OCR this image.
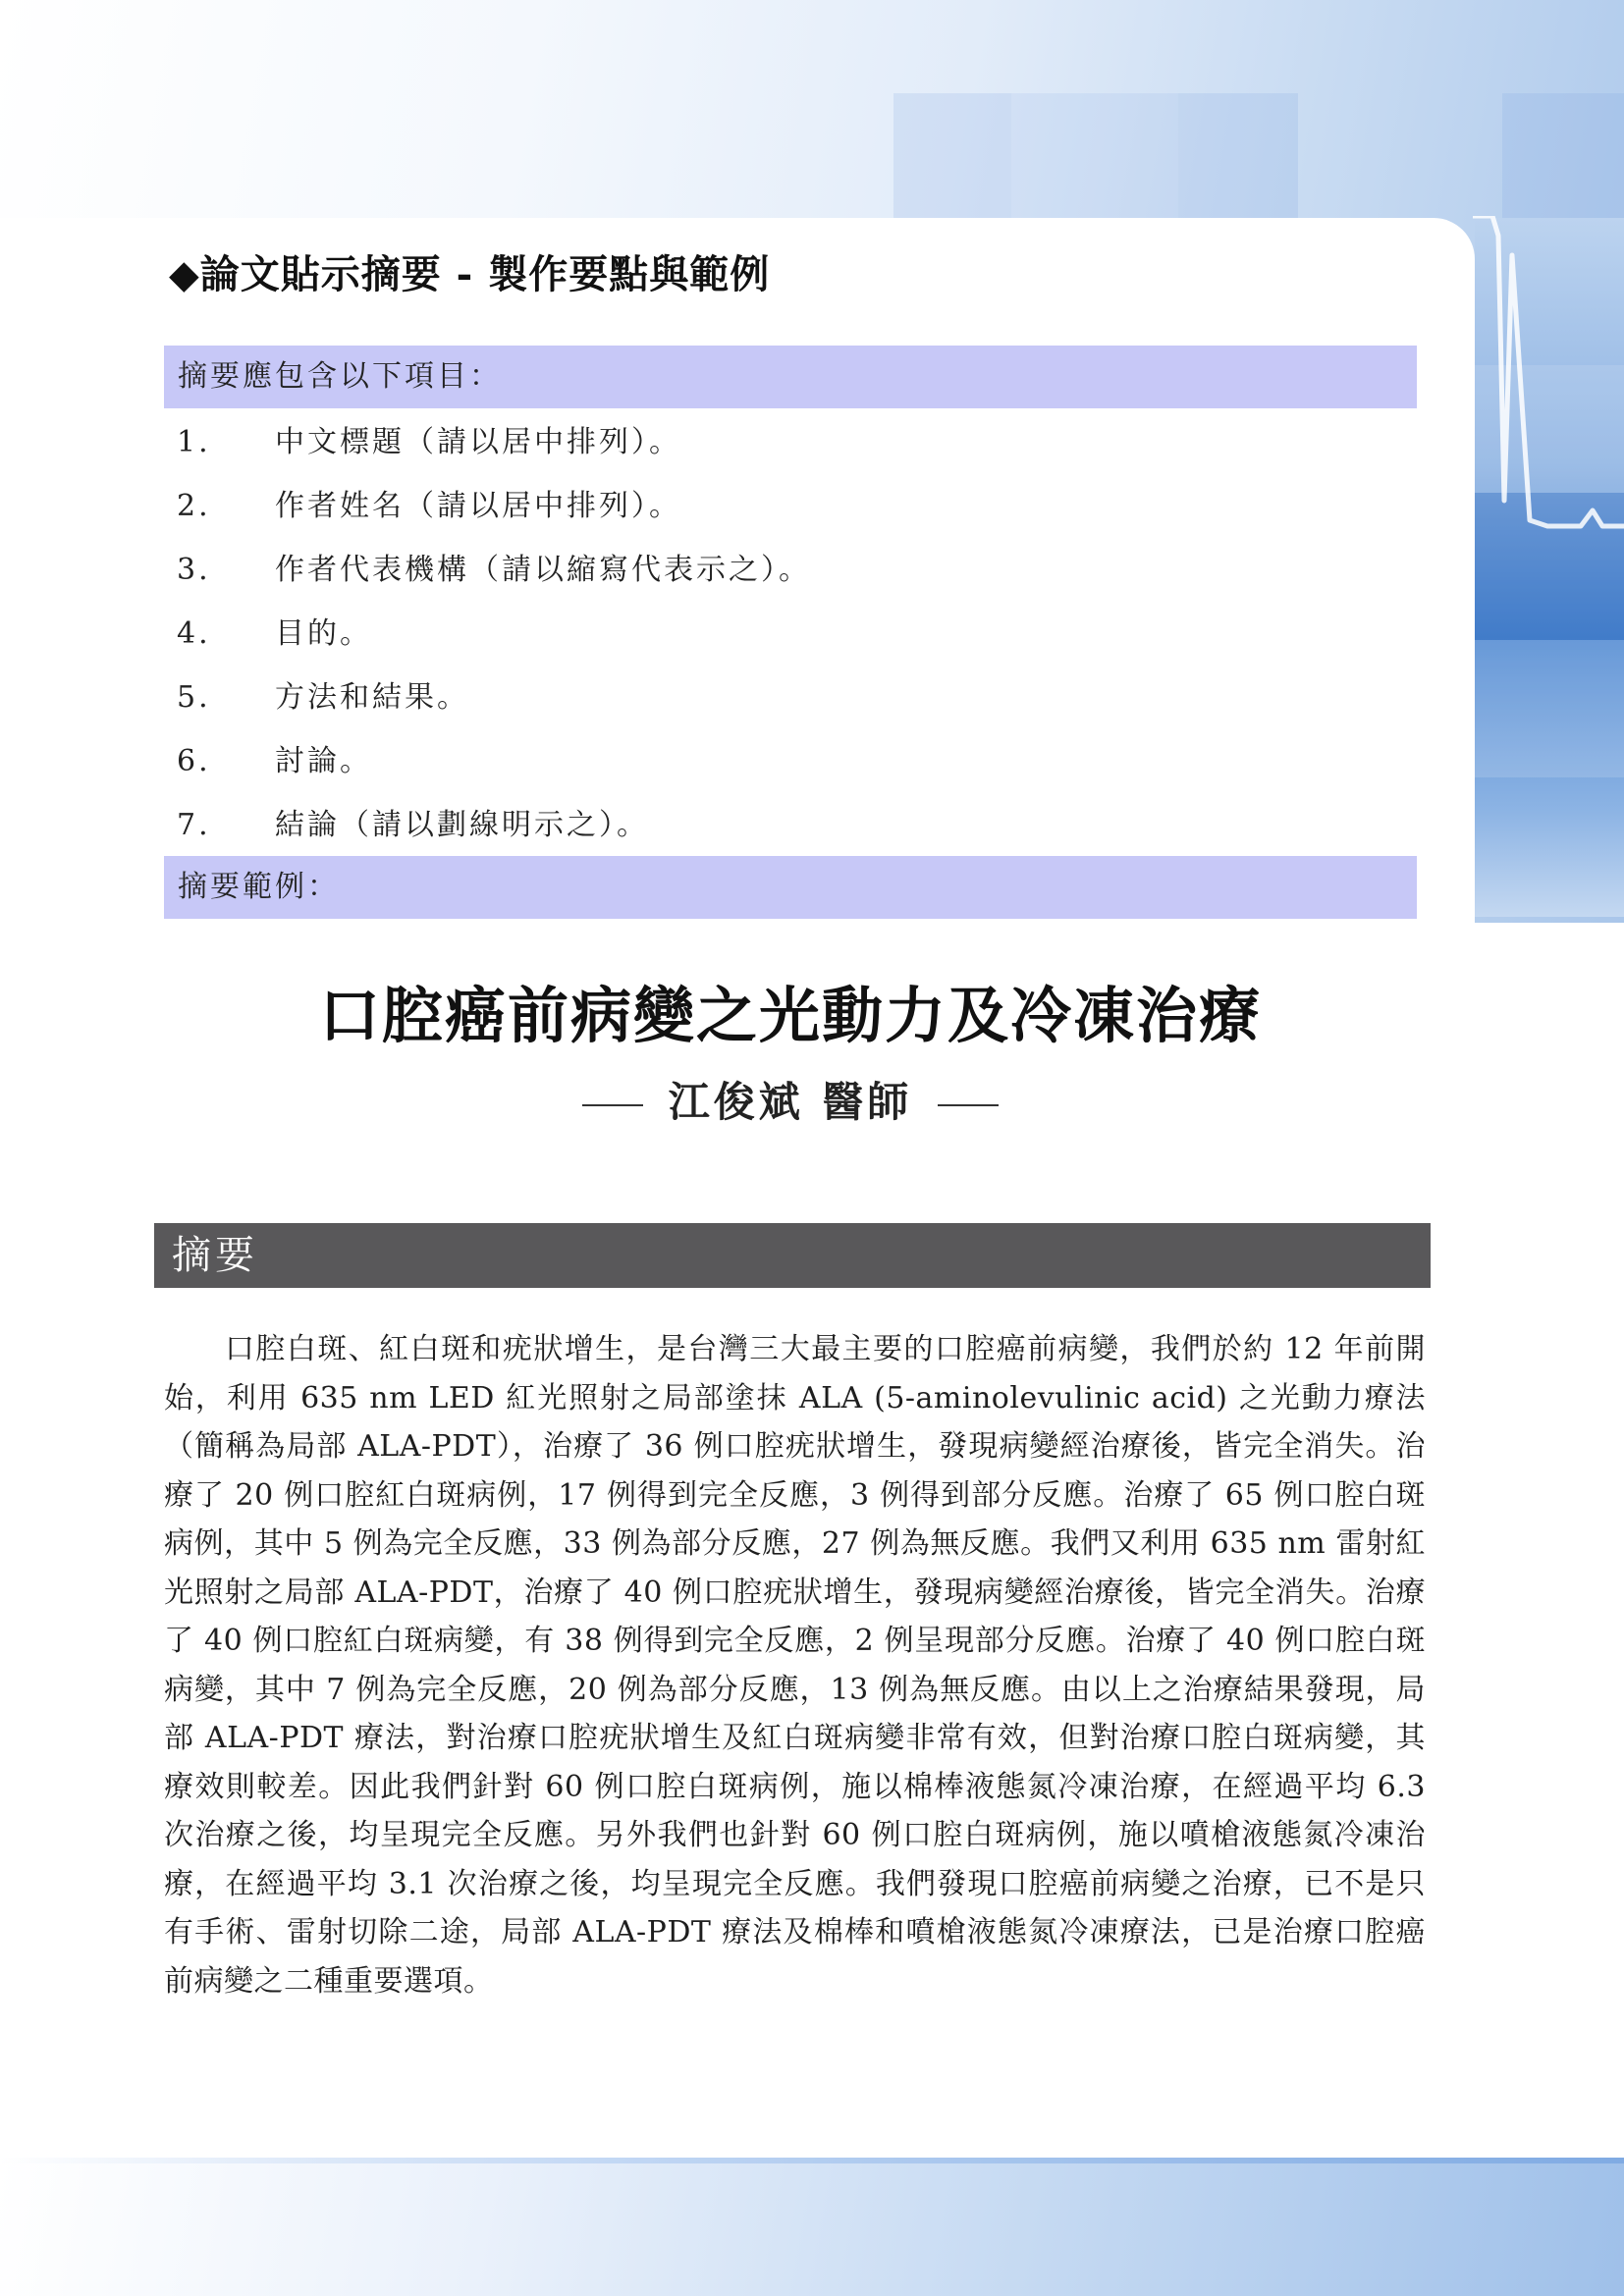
◆論文貼示摘要 - 製作要點與範例
摘要應包含以下項目：
1. 中文標題（請以居中排列）。
2. 作者姓名（請以居中排列）。
3. 作者代表機構（請以縮寫代表示之）。
4. 目的。
5. 方法和結果。
6. 討論。
7. 結論（請以劃線明示之）。
摘要範例：
口腔癌前病變之光動力及冷凍治療
江俊斌 醫師
摘要

口腔白斑、紅白斑和疣狀增生，是台灣三大最主要的口腔癌前病變，我們於約 12 年前開始，利用 635 nm LED 紅光照射之局部塗抹 ALA (5-aminolevulinic acid) 之光動力療法（簡稱為局部 ALA-PDT），治療了 36 例口腔疣狀增生，發現病變經治療後，皆完全消失。治療了 20 例口腔紅白斑病例，17 例得到完全反應，3 例得到部分反應。治療了 65 例口腔白斑病例，其中 5 例為完全反應，33 例為部分反應，27 例為無反應。我們又利用 635 nm 雷射紅光照射之局部 ALA-PDT，治療了 40 例口腔疣狀增生，發現病變經治療後，皆完全消失。治療了 40 例口腔紅白斑病變，有 38 例得到完全反應，2 例呈現部分反應。治療了 40 例口腔白斑病變，其中 7 例為完全反應，20 例為部分反應，13 例為無反應。由以上之治療結果發現，局部 ALA-PDT 療法，對治療口腔疣狀增生及紅白斑病變非常有效，但對治療口腔白斑病變，其療效則較差。因此我們針對 60 例口腔白斑病例，施以棉棒液態氮冷凍治療，在經過平均 6.3 次治療之後，均呈現完全反應。另外我們也針對 60 例口腔白斑病例，施以噴槍液態氮冷凍治療，在經過平均 3.1 次治療之後，均呈現完全反應。我們發現口腔癌前病變之治療，已不是只有手術、雷射切除二途，局部 ALA-PDT 療法及棉棒和噴槍液態氮冷凍療法，已是治療口腔癌前病變之二種重要選項。
